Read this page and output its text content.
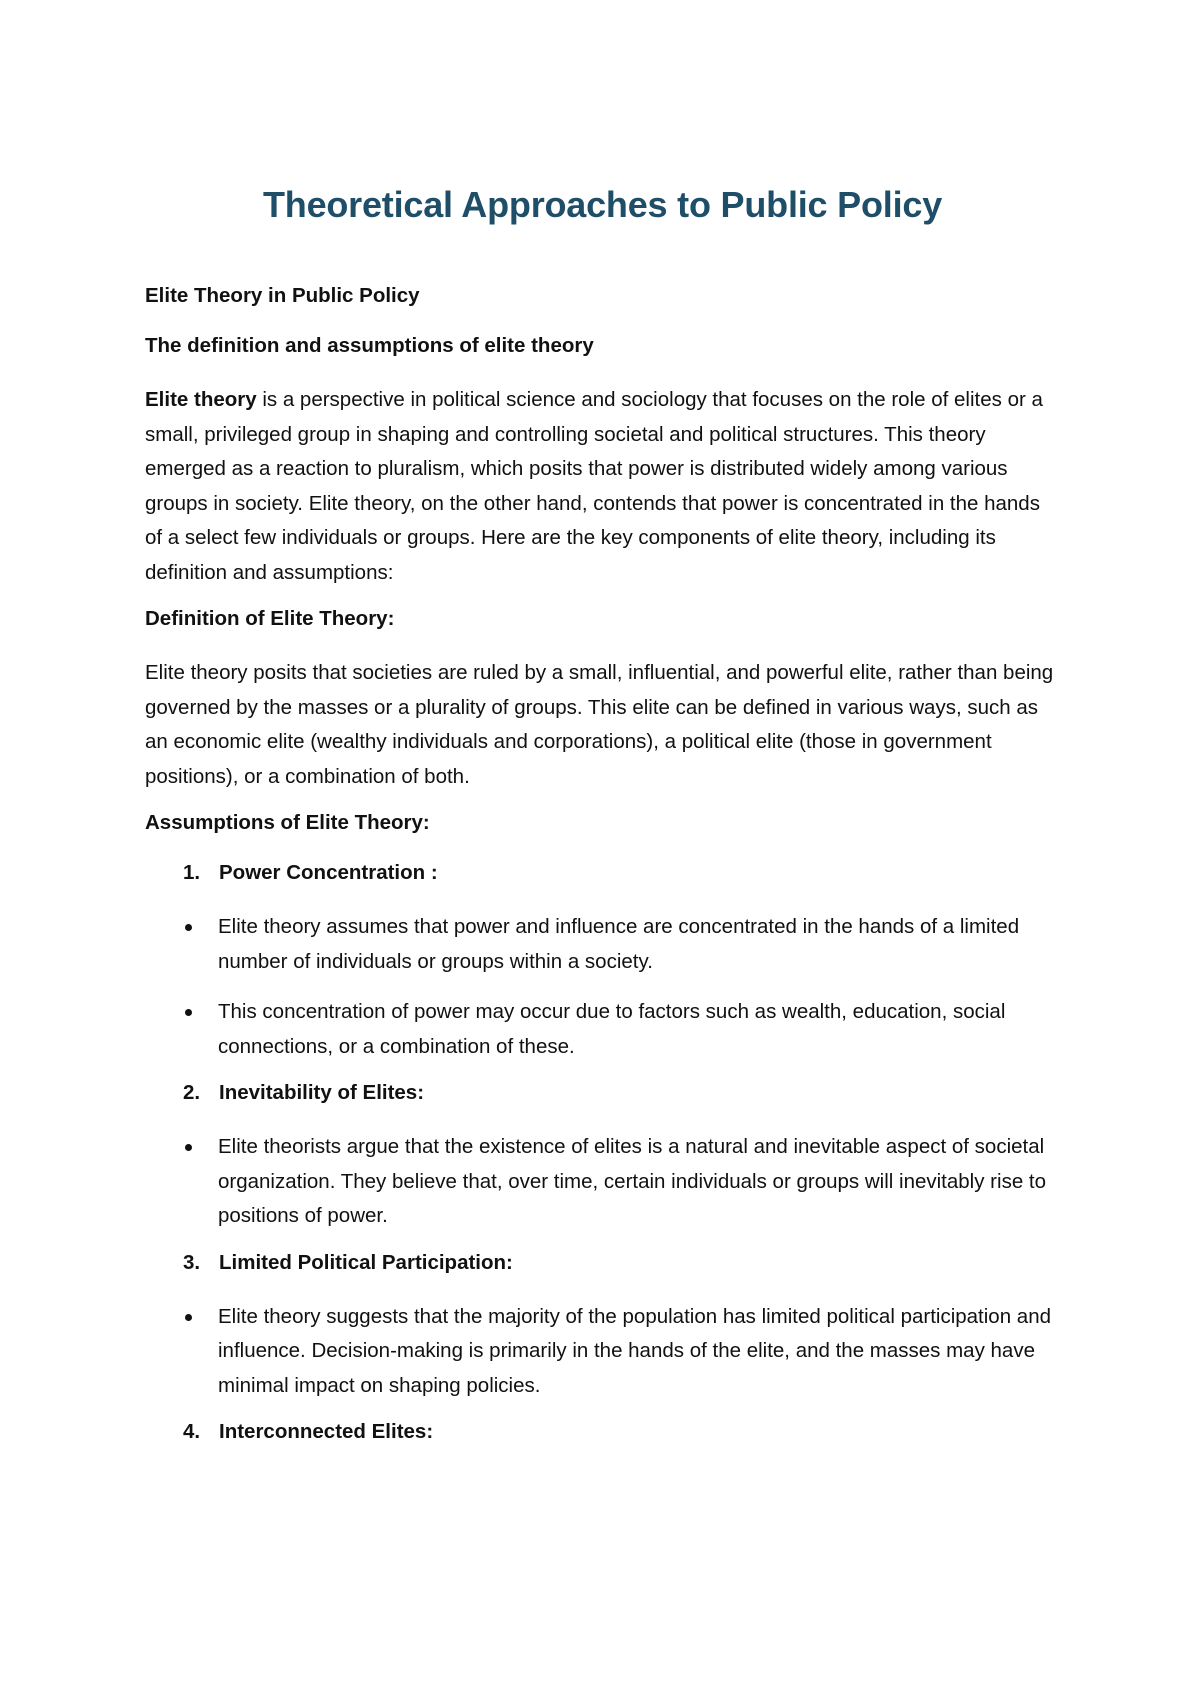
Theoretical Approaches to Public Policy
Elite Theory in Public Policy
The definition and assumptions of elite theory

Elite theory is a perspective in political science and sociology that focuses on the role of elites or a small, privileged group in shaping and controlling societal and political structures. This theory emerged as a reaction to pluralism, which posits that power is distributed widely among various groups in society. Elite theory, on the other hand, contends that power is concentrated in the hands of a select few individuals or groups. Here are the key components of elite theory, including its definition and assumptions:

Definition of Elite Theory:

Elite theory posits that societies are ruled by a small, influential, and powerful elite, rather than being governed by the masses or a plurality of groups. This elite can be defined in various ways, such as an economic elite (wealthy individuals and corporations), a political elite (those in government positions), or a combination of both.

Assumptions of Elite Theory:
1. Power Concentration :
Elite theory assumes that power and influence are concentrated in the hands of a limited number of individuals or groups within a society.
This concentration of power may occur due to factors such as wealth, education, social connections, or a combination of these.
2. Inevitability of Elites:
Elite theorists argue that the existence of elites is a natural and inevitable aspect of societal organization. They believe that, over time, certain individuals or groups will inevitably rise to positions of power.
3. Limited Political Participation:
Elite theory suggests that the majority of the population has limited political participation and influence. Decision-making is primarily in the hands of the elite, and the masses may have minimal impact on shaping policies.
4. Interconnected Elites:
